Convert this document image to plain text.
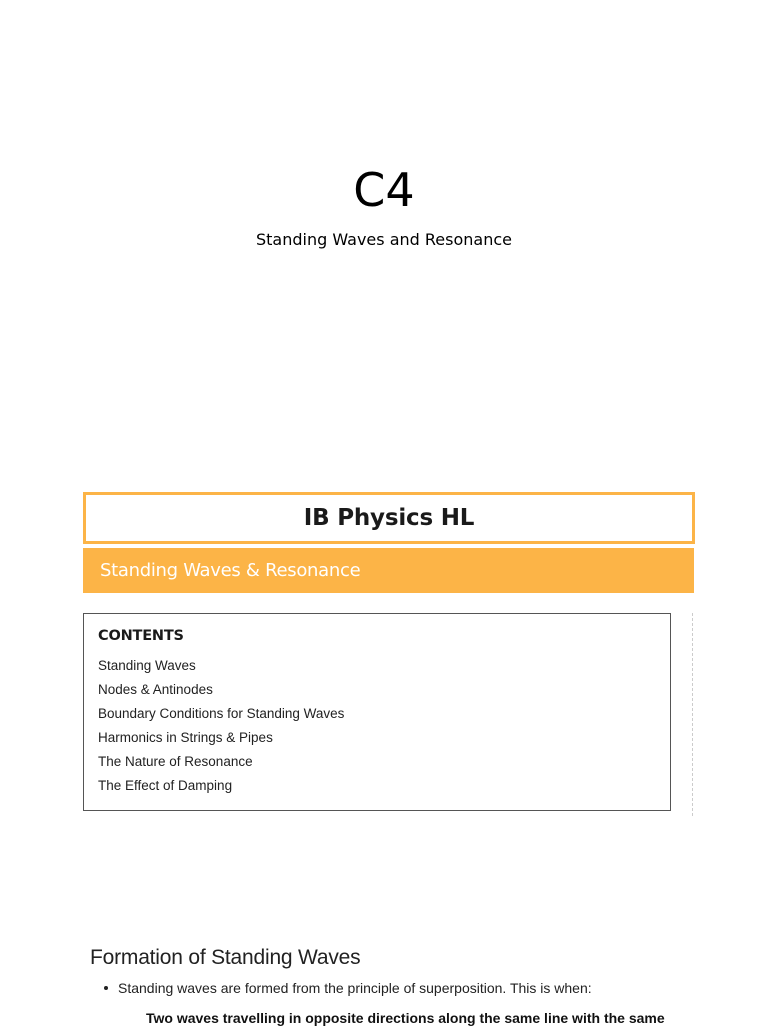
C4
Standing Waves and Resonance
IB Physics HL
Standing Waves & Resonance
CONTENTS
Standing Waves
Nodes & Antinodes
Boundary Conditions for Standing Waves
Harmonics in Strings & Pipes
The Nature of Resonance
The Effect of Damping
Formation of Standing Waves
Standing waves are formed from the principle of superposition. This is when:
Two waves travelling in opposite directions along the same line with the same
